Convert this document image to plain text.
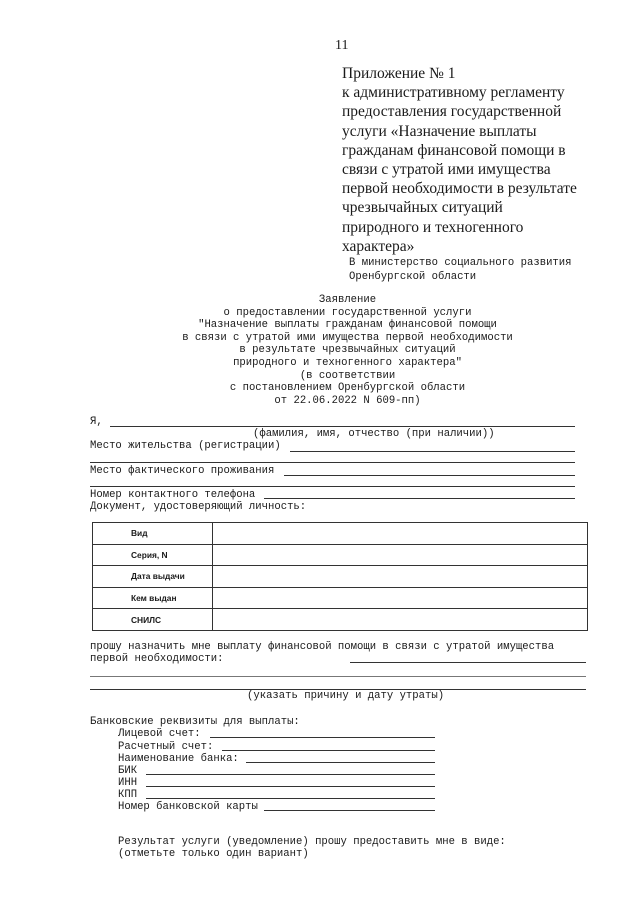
11
Приложение № 1
к административному регламенту
предоставления государственной
услуги «Назначение выплаты
гражданам финансовой помощи в
связи с утратой ими имущества
первой необходимости в результате
чрезвычайных ситуаций
природного и техногенного
характера»
В министерство социального развития
Оренбургской области
Заявление
о предоставлении государственной услуги
"Назначение выплаты гражданам финансовой помощи
в связи с утратой ими имущества первой необходимости
в результате чрезвычайных ситуаций
природного и техногенного характера"
(в соответствии
с постановлением Оренбургской области
от 22.06.2022 N 609-пп)
Я,
(фамилия, имя, отчество (при наличии))
Место жительства (регистрации)
Место фактического проживания
Номер контактного телефона
Документ, удостоверяющий личность:
Вид	
Серия, N	
Дата выдачи	
Кем выдан	
СНИЛС	
прошу назначить мне выплату финансовой помощи в связи с утратой имущества
первой необходимости:
(указать причину и дату утраты)
Банковские реквизиты для выплаты:
Лицевой счет:
Расчетный счет:
Наименование банка:
БИК
ИНН
КПП
Номер банковской карты
Результат услуги (уведомление) прошу предоставить мне в виде:
(отметьте только один вариант)
